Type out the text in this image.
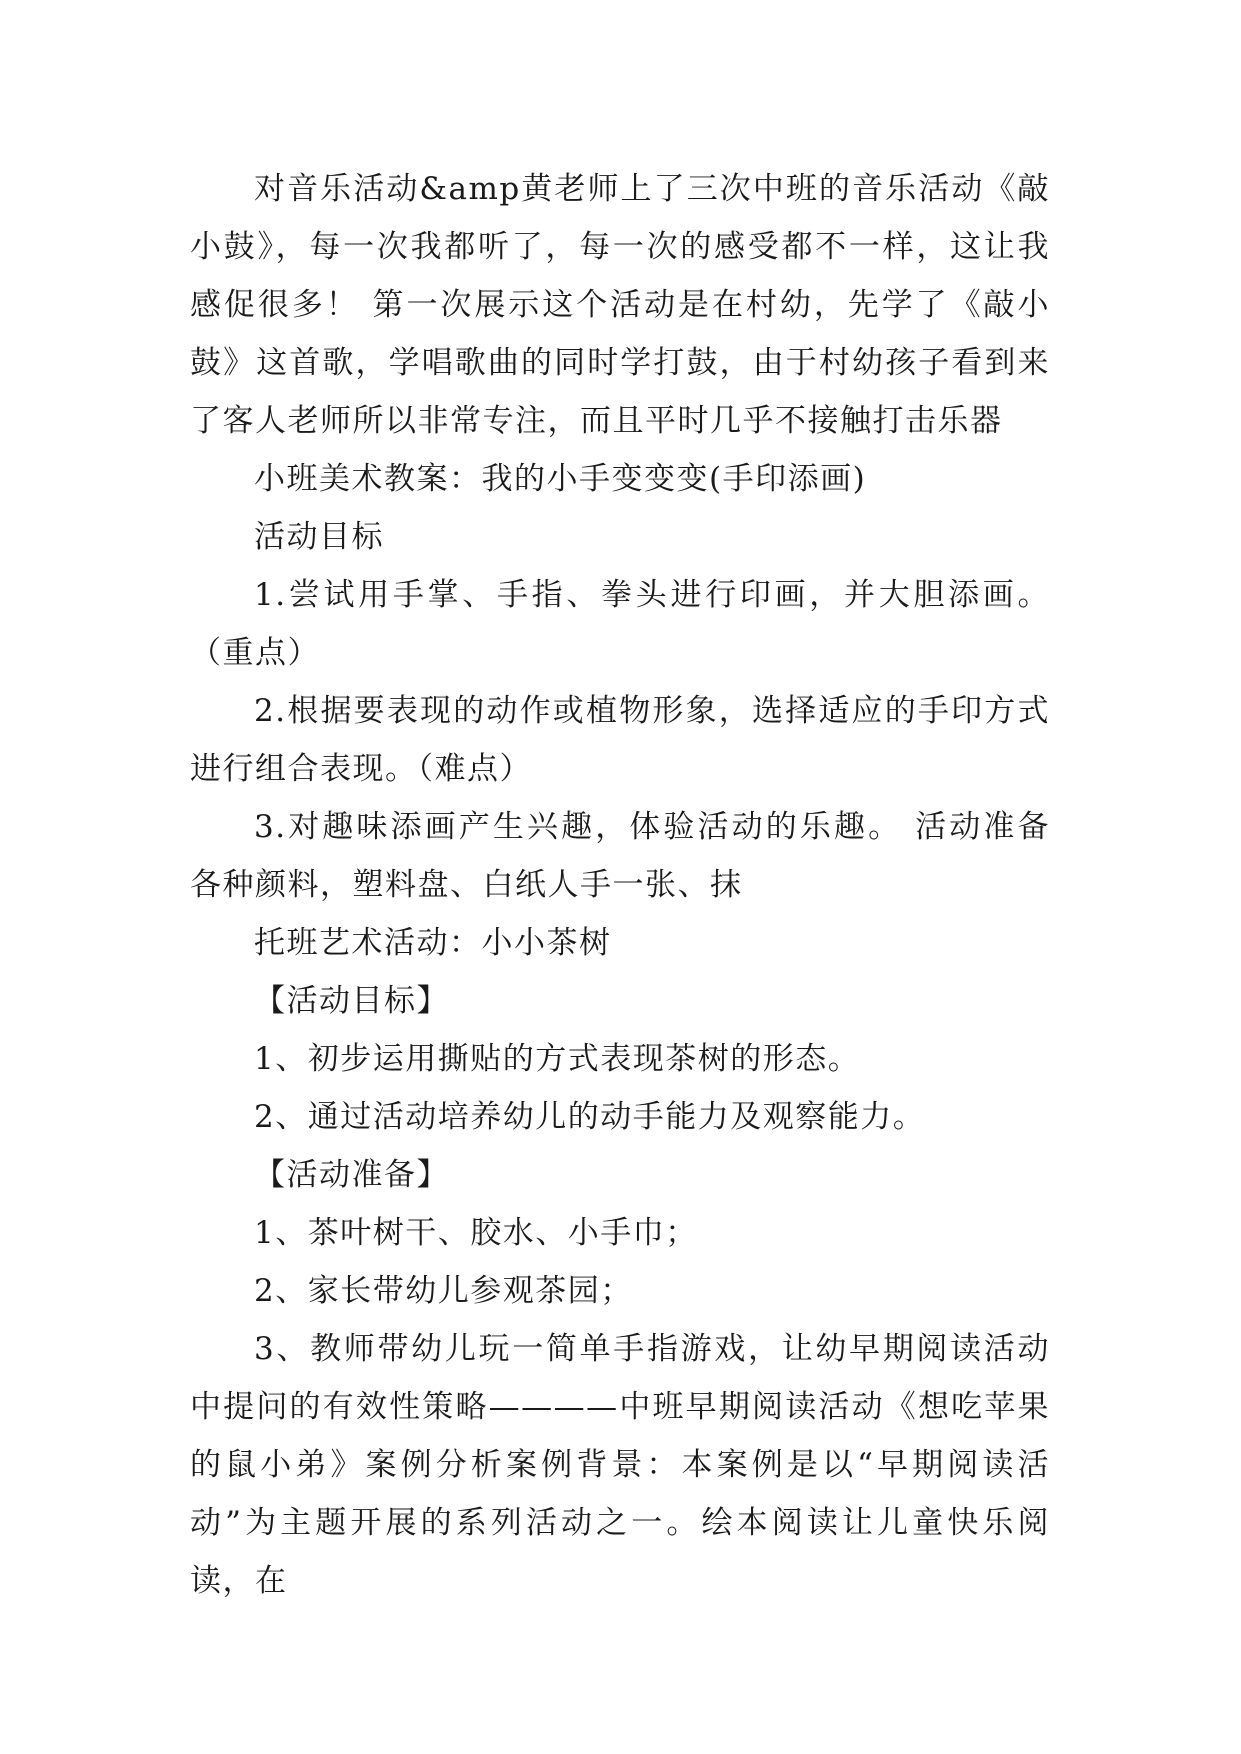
对音乐活动&amp黄老师上了三次中班的音乐活动《敲小鼓》，每一次我都听了，每一次的感受都不一样，这让我感促很多！ 第一次展示这个活动是在村幼，先学了《敲小鼓》这首歌，学唱歌曲的同时学打鼓，由于村幼孩子看到来了客人老师所以非常专注，而且平时几乎不接触打击乐器

小班美术教案：我的小手变变变(手印添画)

活动目标

1.尝试用手掌、手指、拳头进行印画，并大胆添画。（重点）

2.根据要表现的动作或植物形象，选择适应的手印方式进行组合表现。（难点）

3.对趣味添画产生兴趣，体验活动的乐趣。 活动准备 各种颜料，塑料盘、白纸人手一张、抹

托班艺术活动：小小茶树

【活动目标】

1、初步运用撕贴的方式表现茶树的形态。

2、通过活动培养幼儿的动手能力及观察能力。

【活动准备】

1、茶叶树干、胶水、小手巾；

2、家长带幼儿参观茶园；

3、教师带幼儿玩一简单手指游戏，让幼早期阅读活动中提问的有效性策略————中班早期阅读活动《想吃苹果的鼠小弟》案例分析案例背景：本案例是以“早期阅读活动”为主题开展的系列活动之一。绘本阅读让儿童快乐阅读，在
